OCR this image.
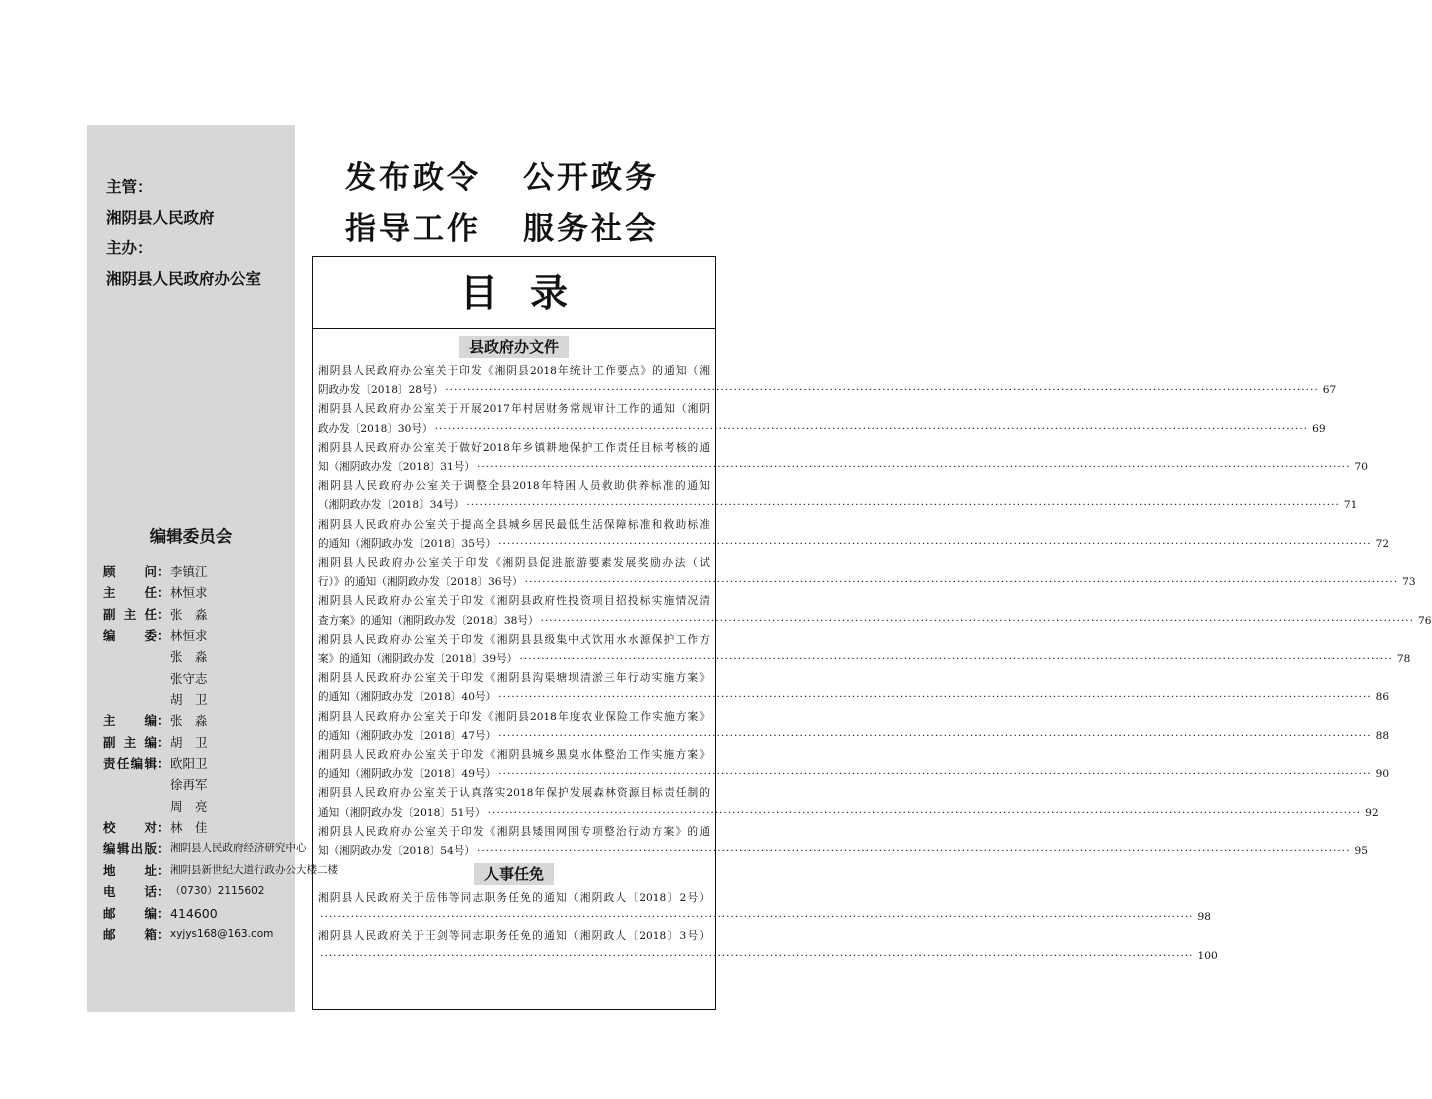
编辑委员会
顾　问 ： 李镇江
主　任 ： 林恒求
副主任 ： 张　淼
编　委 ： 林恒求
张　淼
张守志
胡　卫
主　编 ： 张　淼
副主编 ： 胡　卫
责任编辑 ： 欧阳卫
徐再军
周　亮
校　对 ： 林　佳
编辑出版 ： 湘阴县人民政府经济研究中心
地　址 ： 湘阴县新世纪大道行政办公大楼二楼
电　话 ： （0730）2115602
邮　编 ： 414600
邮　箱 ： xyjys168@163.com
主管：
湘阴县人民政府
主办：
湘阴县人民政府办公室
发布政令 公开政务
指导工作 服务社会
目录
县政府办文件
湘阴县人民政府办公室关于印发《湘阴县2018年统计工作要点》的通知（湘
阴政办发〔2018〕28号） ········································································································································································································ 67
湘阴县人民政府办公室关于开展2017年村居财务常规审计工作的通知（湘阴
政办发〔2018〕30号） ········································································································································································································ 69
湘阴县人民政府办公室关于做好2018年乡镇耕地保护工作责任目标考核的通
知（湘阴政办发〔2018〕31号） ········································································································································································································ 70
湘阴县人民政府办公室关于调整全县2018年特困人员救助供养标准的通知
（湘阴政办发〔2018〕34号） ········································································································································································································ 71
湘阴县人民政府办公室关于提高全县城乡居民最低生活保障标准和救助标准
的通知（湘阴政办发〔2018〕35号） ········································································································································································································ 72
湘阴县人民政府办公室关于印发《湘阴县促进旅游要素发展奖励办法（试
行）》的通知（湘阴政办发〔2018〕36号） ········································································································································································································ 73
湘阴县人民政府办公室关于印发《湘阴县政府性投资项目招投标实施情况清
查方案》的通知（湘阴政办发〔2018〕38号） ········································································································································································································ 76
湘阴县人民政府办公室关于印发《湘阴县县级集中式饮用水水源保护工作方
案》的通知（湘阴政办发〔2018〕39号） ········································································································································································································ 78
湘阴县人民政府办公室关于印发《湘阴县沟渠塘坝清淤三年行动实施方案》
的通知（湘阴政办发〔2018〕40号） ········································································································································································································ 86
湘阴县人民政府办公室关于印发《湘阴县2018年度农业保险工作实施方案》
的通知（湘阴政办发〔2018〕47号） ········································································································································································································ 88
湘阴县人民政府办公室关于印发《湘阴县城乡黑臭水体整治工作实施方案》
的通知（湘阴政办发〔2018〕49号） ········································································································································································································ 90
湘阴县人民政府办公室关于认真落实2018年保护发展森林资源目标责任制的
通知（湘阴政办发〔2018〕51号） ········································································································································································································ 92
湘阴县人民政府办公室关于印发《湘阴县矮围网围专项整治行动方案》的通
知（湘阴政办发〔2018〕54号） ········································································································································································································ 95
人事任免
湘阴县人民政府关于岳伟等同志职务任免的通知（湘阴政人〔2018〕2号）
········································································································································································································ 98
湘阴县人民政府关于王剑等同志职务任免的通知（湘阴政人〔2018〕3号）
········································································································································································································ 100
